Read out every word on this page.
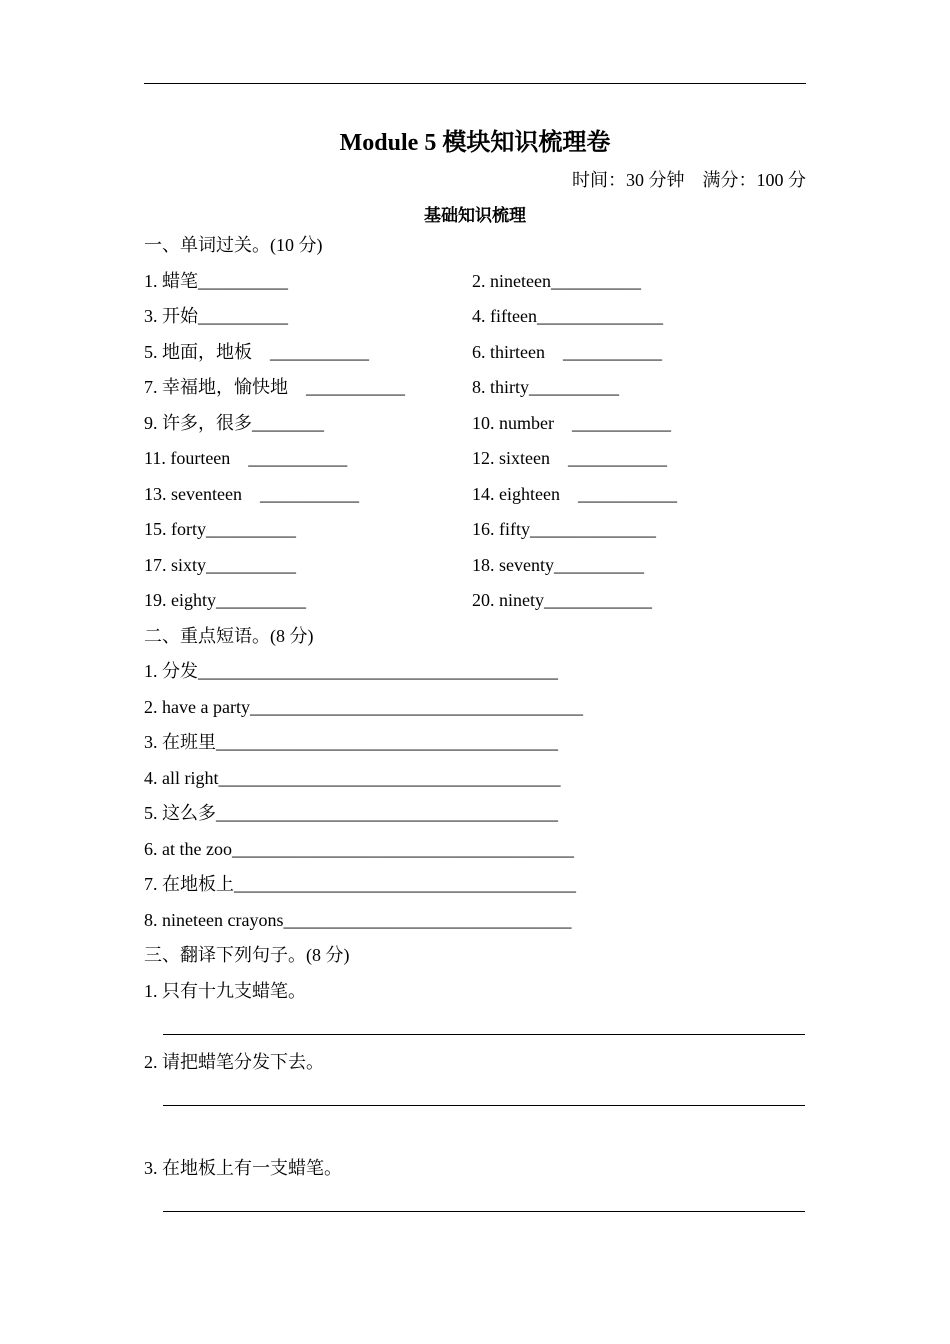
Module 5 模块知识梳理卷
时间：30 分钟　满分：100 分
基础知识梳理
一、单词过关。(10 分)
1. 蜡笔__________	2. nineteen__________
3. 开始__________	4. fifteen______________
5. 地面，地板　___________	6. thirteen　___________
7. 幸福地，愉快地　___________	8. thirty__________
9. 许多，很多________	10. number　___________
11. fourteen　___________	12. sixteen　___________
13. seventeen　___________	14. eighteen　___________
15. forty__________	16. fifty______________
17. sixty__________	18. seventy__________
19. eighty__________	20. ninety____________
二、重点短语。(8 分)
1. 分发________________________________________
2. have a party_____________________________________
3. 在班里______________________________________
4. all right______________________________________
5. 这么多______________________________________
6. at the zoo______________________________________
7. 在地板上______________________________________
8. nineteen crayons________________________________
三、翻译下列句子。(8 分)
1. 只有十九支蜡笔。
2. 请把蜡笔分发下去。
3. 在地板上有一支蜡笔。
